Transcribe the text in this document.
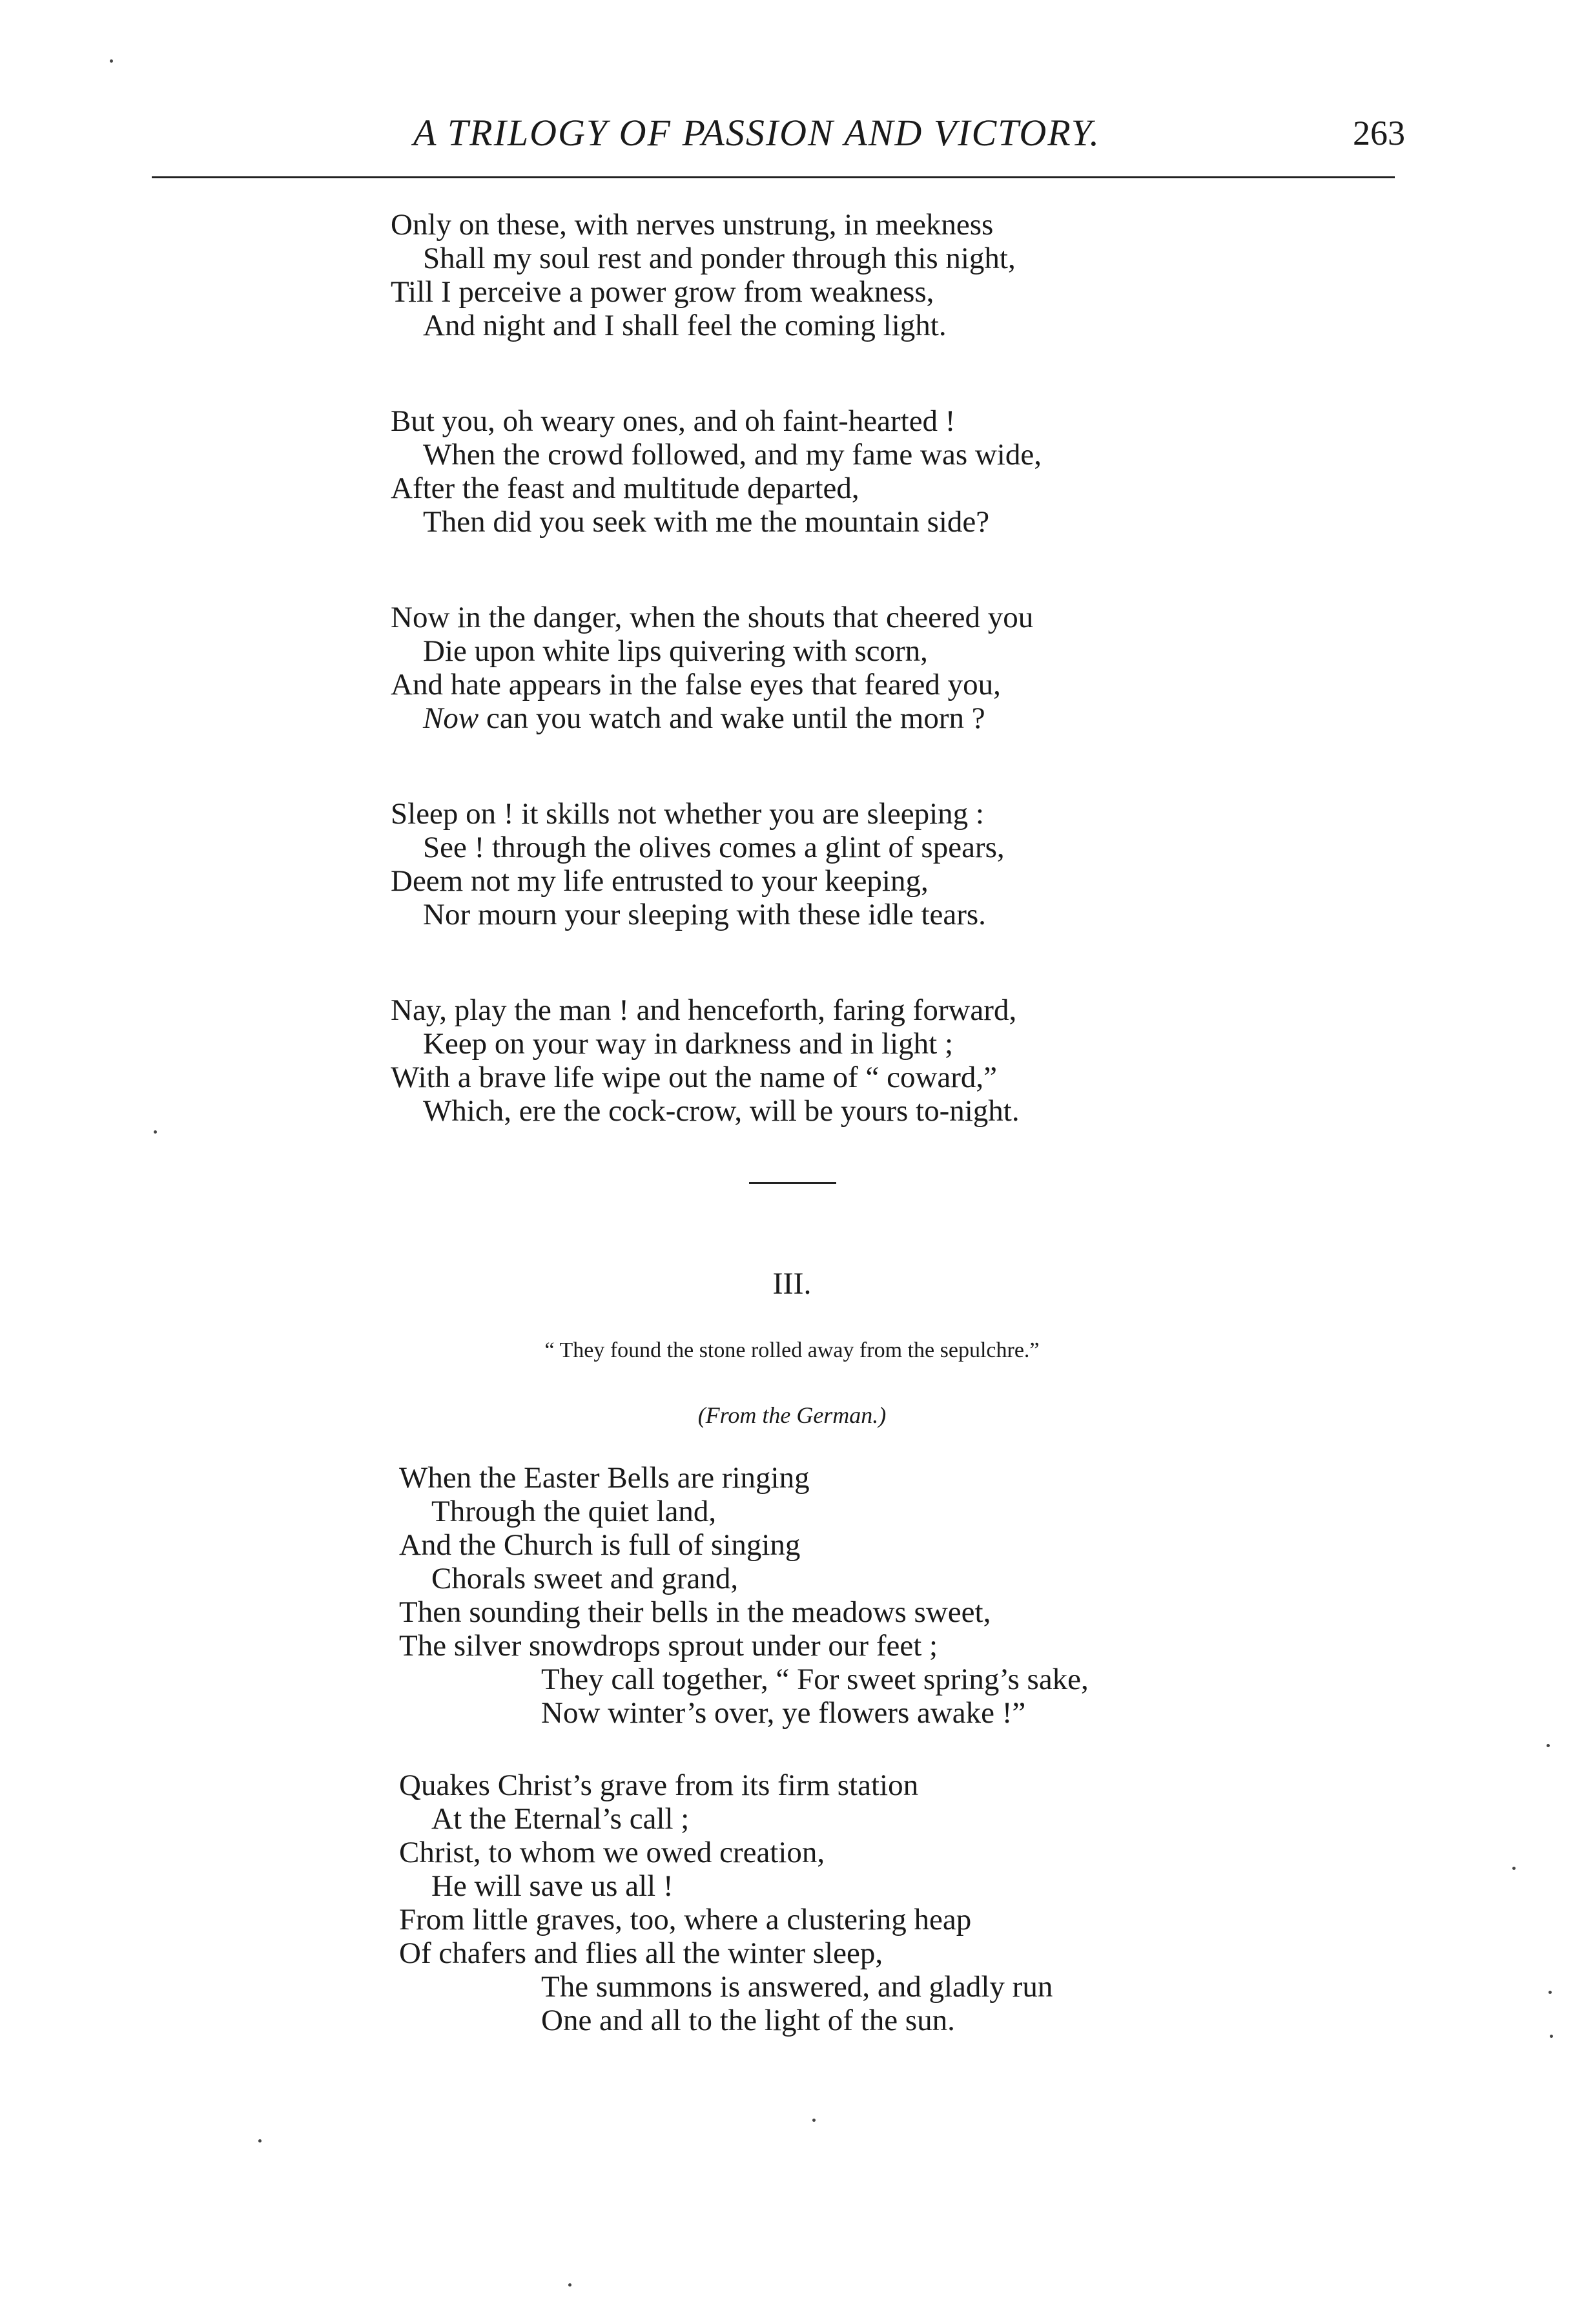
A TRILOGY OF PASSION AND VICTORY.	263
Only on these, with nerves unstrung, in meekness
Shall my soul rest and ponder through this night,
Till I perceive a power grow from weakness,
And night and I shall feel the coming light.
But you, oh weary ones, and oh faint-hearted !
When the crowd followed, and my fame was wide,
After the feast and multitude departed,
Then did you seek with me the mountain side?
Now in the danger, when the shouts that cheered you
Die upon white lips quivering with scorn,
And hate appears in the false eyes that feared you,
Now can you watch and wake until the morn ?
Sleep on ! it skills not whether you are sleeping :
See ! through the olives comes a glint of spears,
Deem not my life entrusted to your keeping,
Nor mourn your sleeping with these idle tears.
Nay, play the man ! and henceforth, faring forward,
Keep on your way in darkness and in light ;
With a brave life wipe out the name of “ coward,”
Which, ere the cock-crow, will be yours to-night.
III.
“ They found the stone rolled away from the sepulchre.”
(From the German.)
When the Easter Bells are ringing
Through the quiet land,
And the Church is full of singing
Chorals sweet and grand,
Then sounding their bells in the meadows sweet,
The silver snowdrops sprout under our feet ;
They call together, “ For sweet spring’s sake,
Now winter’s over, ye flowers awake !”
Quakes Christ’s grave from its firm station
At the Eternal’s call ;
Christ, to whom we owed creation,
He will save us all !
From little graves, too, where a clustering heap
Of chafers and flies all the winter sleep,
The summons is answered, and gladly run
One and all to the light of the sun.
